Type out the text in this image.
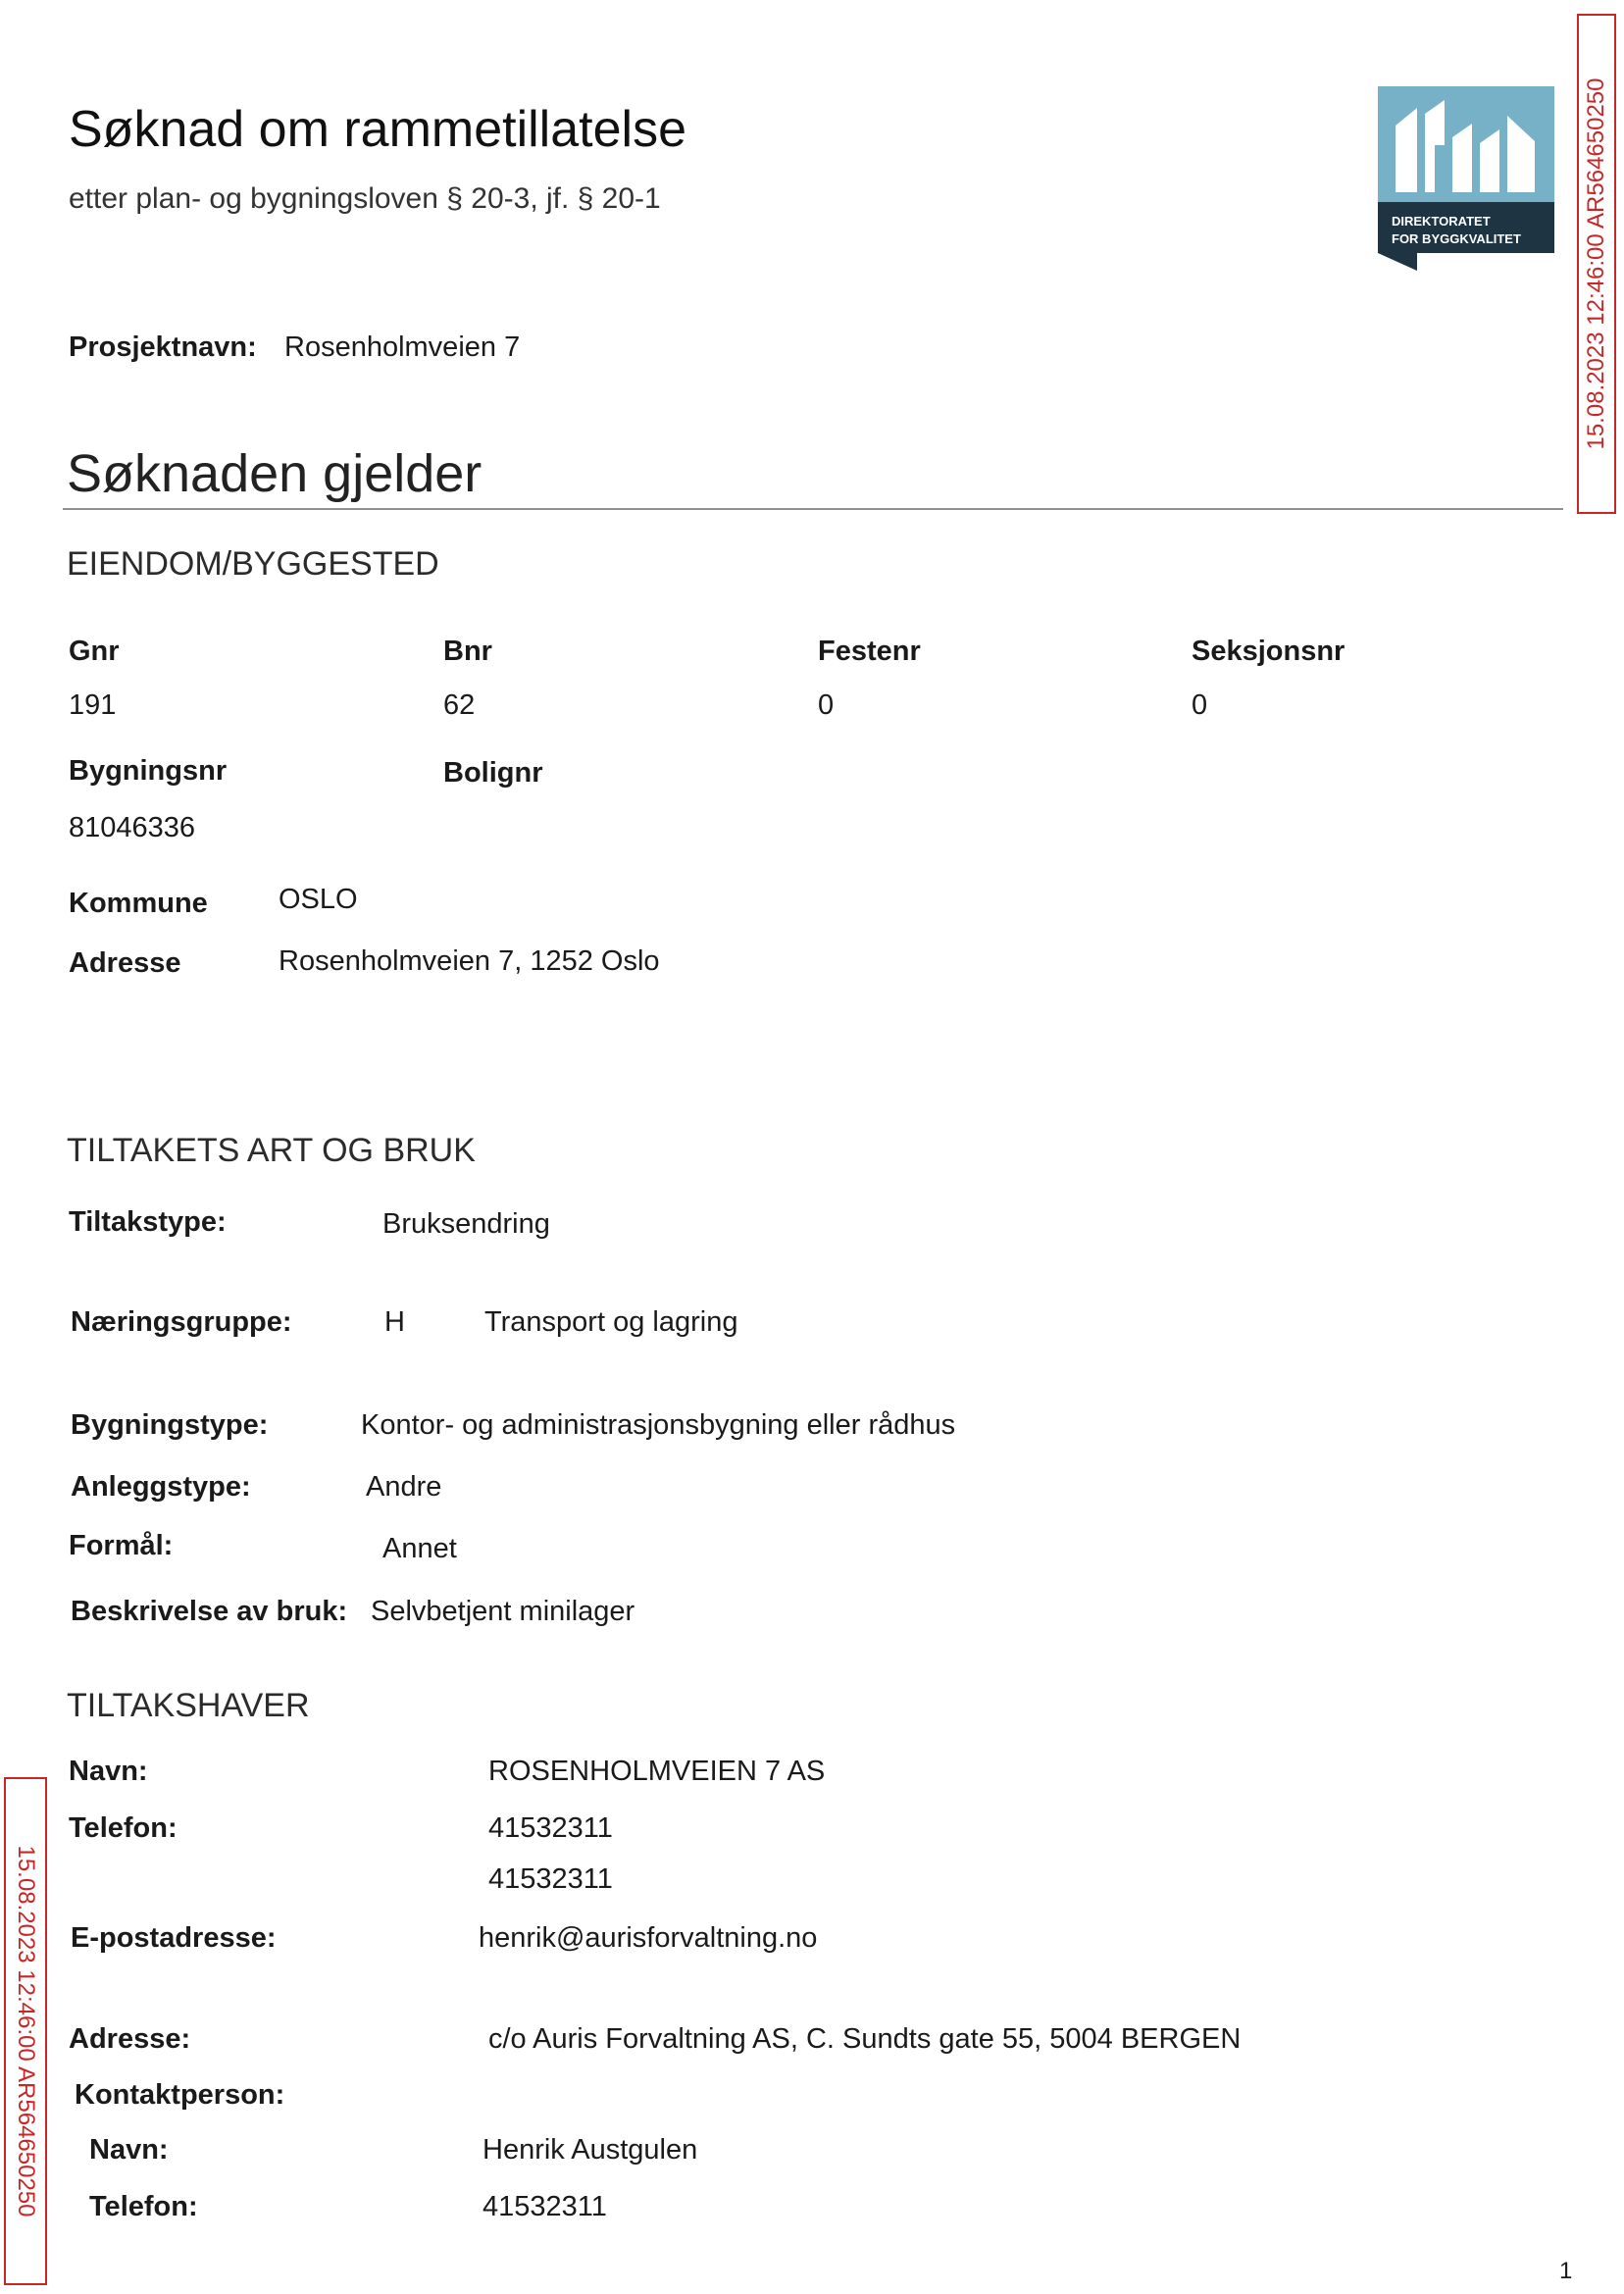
Søknad om rammetillatelse
etter plan- og bygningsloven § 20-3, jf. § 20-1
DIREKTORATET
FOR BYGGKVALITET	15.08.2023 12:46:00 AR564650250
15.08.2023 12:46:00 AR564650250
Prosjektnavn: Rosenholmveien 7
Søknaden gjelder
EIENDOM/BYGGESTED
Gnr	Bnr	Festenr	Seksjonsnr
191	62	0	0
Bygningsnr	Bolignr
81046336
Kommune OSLO
Adresse	Rosenholmveien 7, 1252 Oslo
TILTAKETS ART OG BRUK
Tiltakstype:	Bruksendring
Næringsgruppe:	H	Transport og lagring
Bygningstype:	Kontor- og administrasjonsbygning eller rådhus
Anleggstype:	Andre
Formål:	Annet
Beskrivelse av bruk: Selvbetjent minilager
TILTAKSHAVER
Navn:	ROSENHOLMVEIEN 7 AS
Telefon:	41532311
41532311
E-postadresse:	henrik@aurisforvaltning.no
Adresse:	c/o Auris Forvaltning AS, C. Sundts gate 55, 5004 BERGEN
Kontaktperson:
Navn:	Henrik Austgulen
Telefon:	41532311
1
